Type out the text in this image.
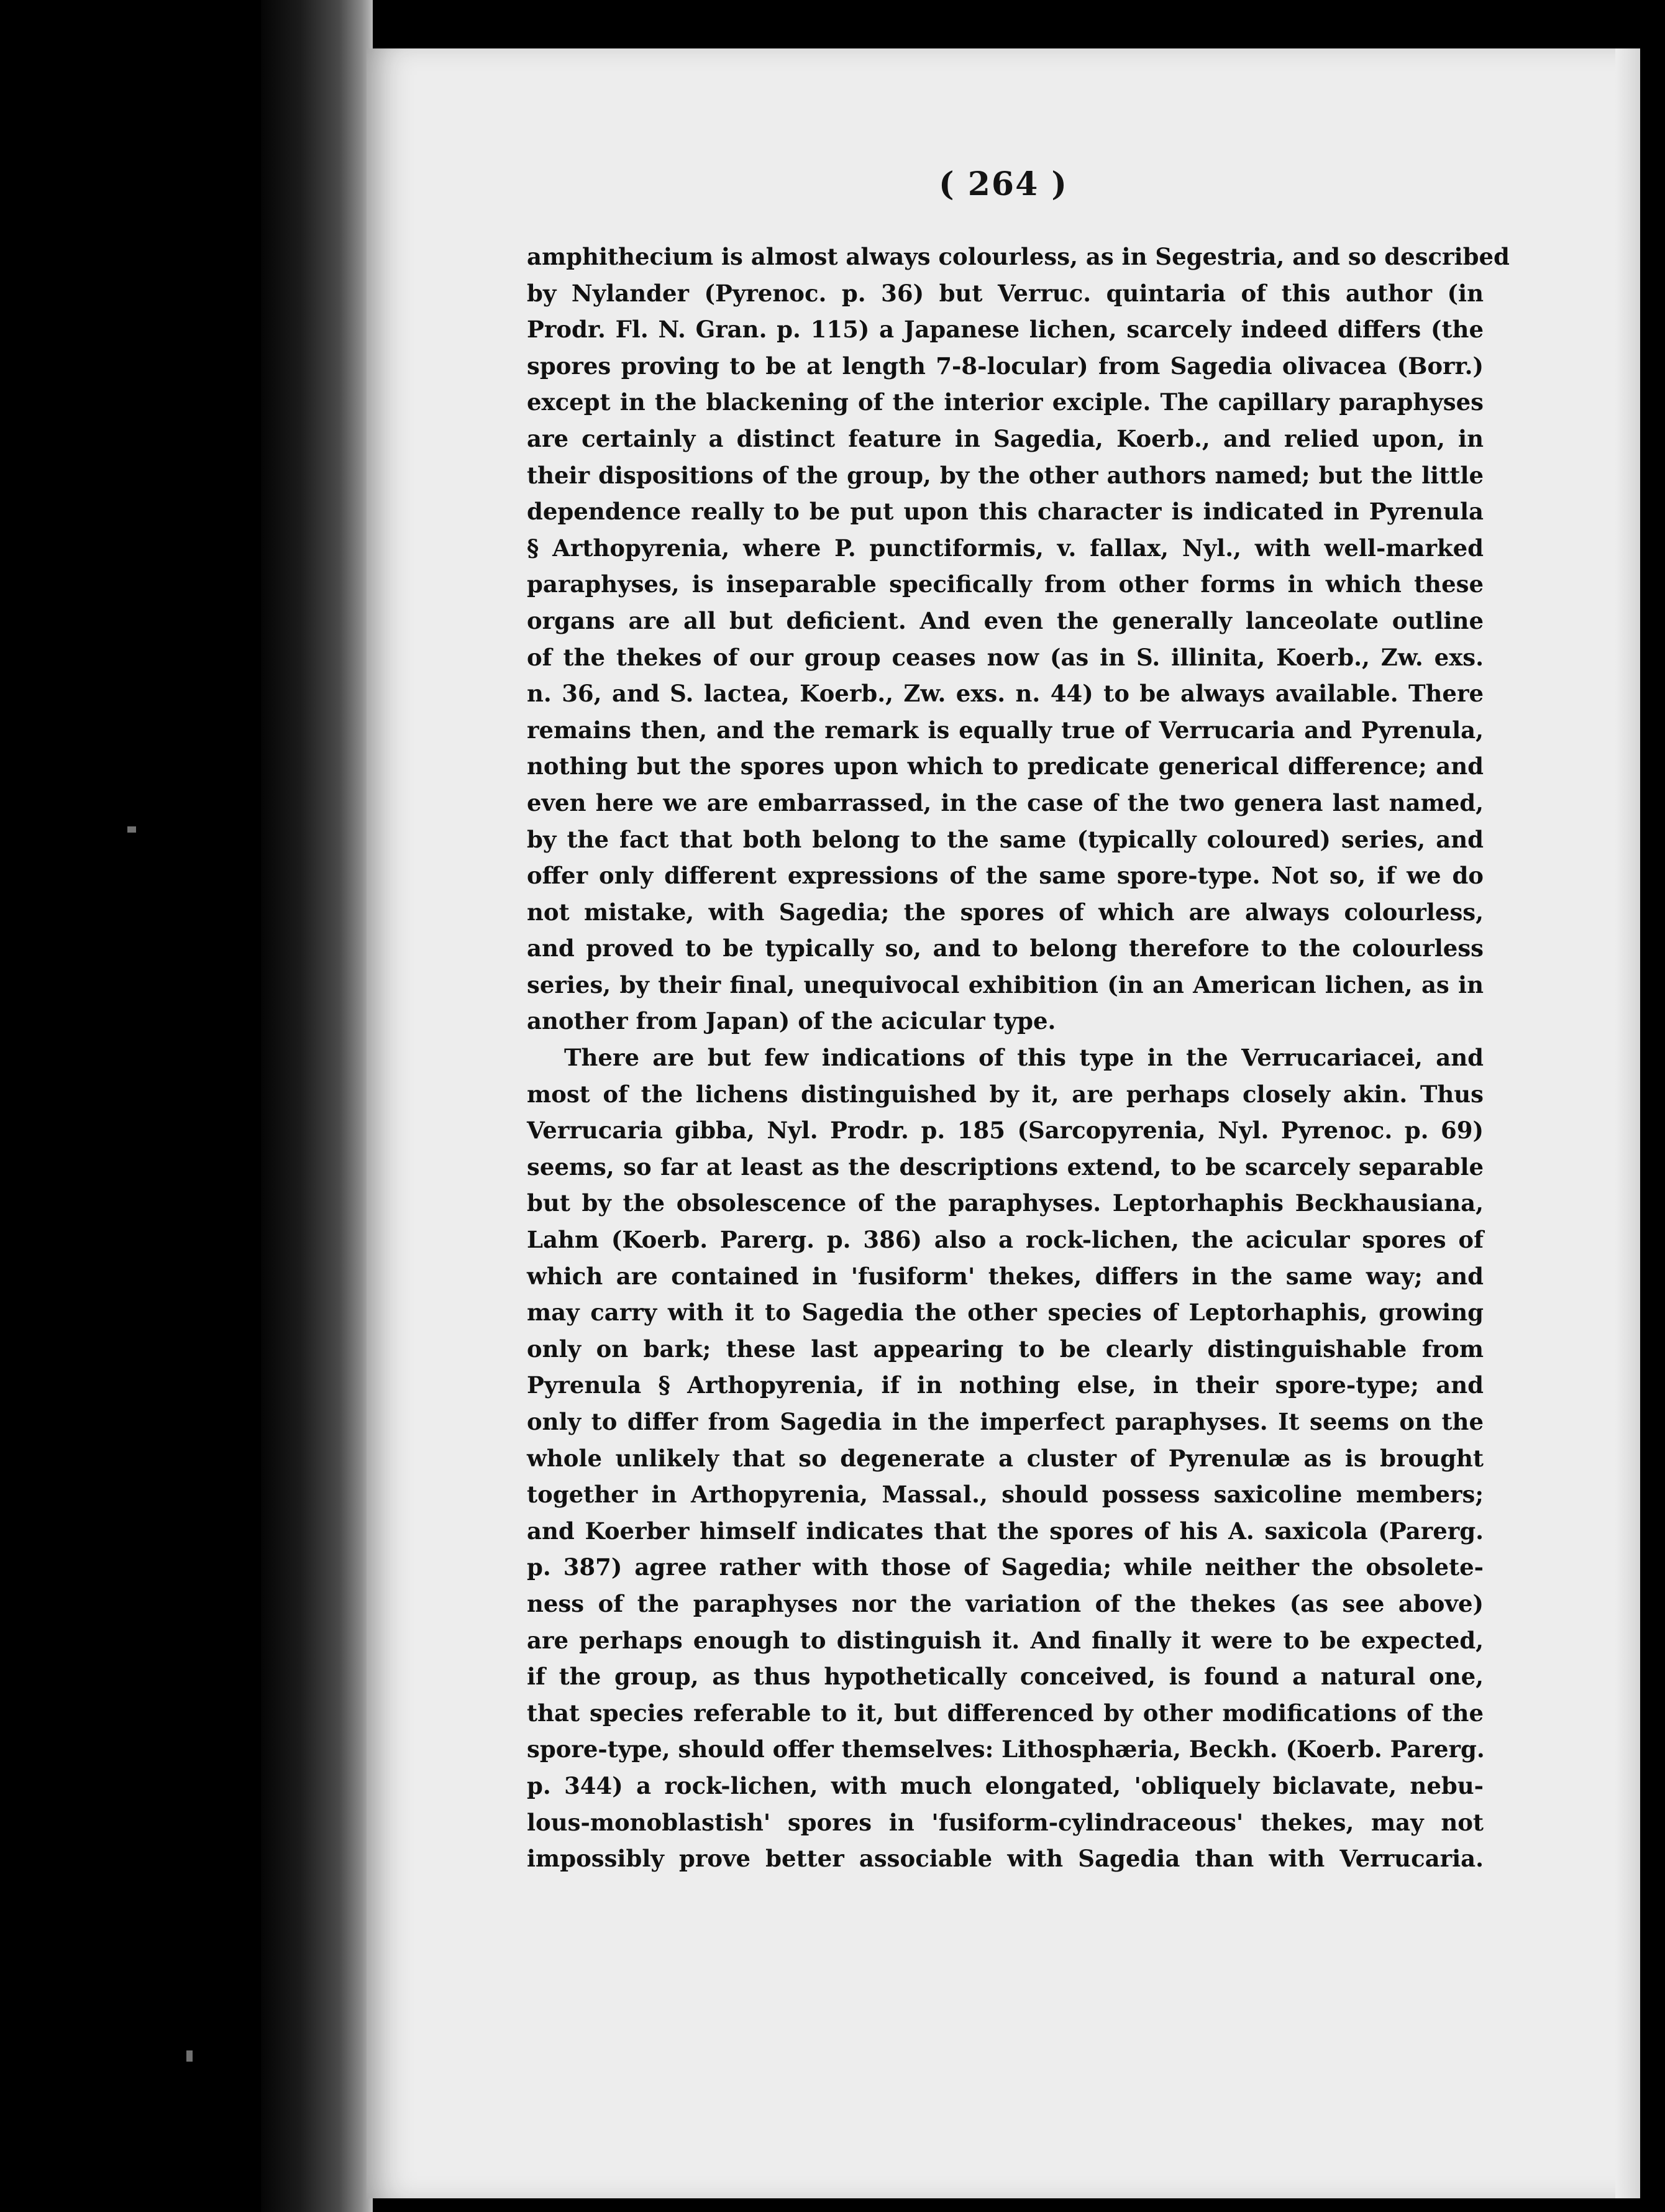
( 264 )
amphithecium is almost always colourless, as in Segestria, and so described
by Nylander (Pyrenoc. p. 36) but Verruc. quintaria of this author (in
Prodr. Fl. N. Gran. p. 115) a Japanese lichen, scarcely indeed differs (the
spores proving to be at length 7-8-locular) from Sagedia olivacea (Borr.)
except in the blackening of the interior exciple. The capillary paraphyses
are certainly a distinct feature in Sagedia, Koerb., and relied upon, in
their dispositions of the group, by the other authors named; but the little
dependence really to be put upon this character is indicated in Pyrenula
§ Arthopyrenia, where P. punctiformis, v. fallax, Nyl., with well-marked
paraphyses, is inseparable specifically from other forms in which these
organs are all but deficient. And even the generally lanceolate outline
of the thekes of our group ceases now (as in S. illinita, Koerb., Zw. exs.
n. 36, and S. lactea, Koerb., Zw. exs. n. 44) to be always available. There
remains then, and the remark is equally true of Verrucaria and Pyrenula,
nothing but the spores upon which to predicate generical difference; and
even here we are embarrassed, in the case of the two genera last named,
by the fact that both belong to the same (typically coloured) series, and
offer only different expressions of the same spore-type. Not so, if we do
not mistake, with Sagedia; the spores of which are always colourless,
and proved to be typically so, and to belong therefore to the colourless
series, by their final, unequivocal exhibition (in an American lichen, as in
another from Japan) of the acicular type.
There are but few indications of this type in the Verrucariacei, and
most of the lichens distinguished by it, are perhaps closely akin. Thus
Verrucaria gibba, Nyl. Prodr. p. 185 (Sarcopyrenia, Nyl. Pyrenoc. p. 69)
seems, so far at least as the descriptions extend, to be scarcely separable
but by the obsolescence of the paraphyses. Leptorhaphis Beckhausiana,
Lahm (Koerb. Parerg. p. 386) also a rock-lichen, the acicular spores of
which are contained in 'fusiform' thekes, differs in the same way; and
may carry with it to Sagedia the other species of Leptorhaphis, growing
only on bark; these last appearing to be clearly distinguishable from
Pyrenula § Arthopyrenia, if in nothing else, in their spore-type; and
only to differ from Sagedia in the imperfect paraphyses. It seems on the
whole unlikely that so degenerate a cluster of Pyrenulæ as is brought
together in Arthopyrenia, Massal., should possess saxicoline members;
and Koerber himself indicates that the spores of his A. saxicola (Parerg.
p. 387) agree rather with those of Sagedia; while neither the obsolete-
ness of the paraphyses nor the variation of the thekes (as see above)
are perhaps enough to distinguish it. And finally it were to be expected,
if the group, as thus hypothetically conceived, is found a natural one,
that species referable to it, but differenced by other modifications of the
spore-type, should offer themselves: Lithosphæria, Beckh. (Koerb. Parerg.
p. 344) a rock-lichen, with much elongated, 'obliquely biclavate, nebu-
lous-monoblastish' spores in 'fusiform-cylindraceous' thekes, may not
impossibly prove better associable with Sagedia than with Verrucaria.
